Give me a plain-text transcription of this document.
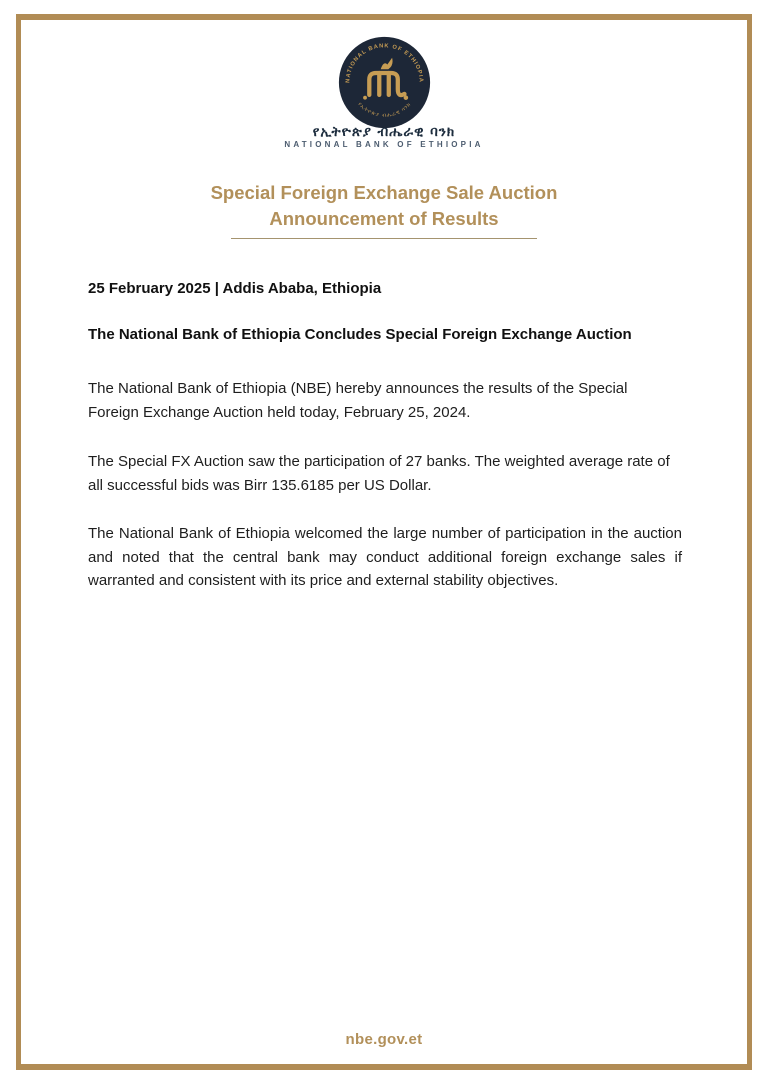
NATIONAL BANK OF ETHIOPIA
የኢትዮጵያ ብሔራዊ ባንክ
የኢትዮጵያ ብሔራዊ ባንክ
NATIONAL BANK OF ETHIOPIA
Special Foreign Exchange Sale Auction
Announcement of Results
25 February 2025 | Addis Ababa, Ethiopia
The National Bank of Ethiopia Concludes Special Foreign Exchange Auction

The National Bank of Ethiopia (NBE) hereby announces the results of the Special Foreign Exchange Auction held today, February 25, 2024.

The Special FX Auction saw the participation of 27 banks. The weighted average rate of all successful bids was Birr 135.6185 per US Dollar.

The National Bank of Ethiopia welcomed the large number of participation in the auction and noted that the central bank may conduct additional foreign exchange sales if warranted and consistent with its price and external stability objectives.

nbe.gov.et
